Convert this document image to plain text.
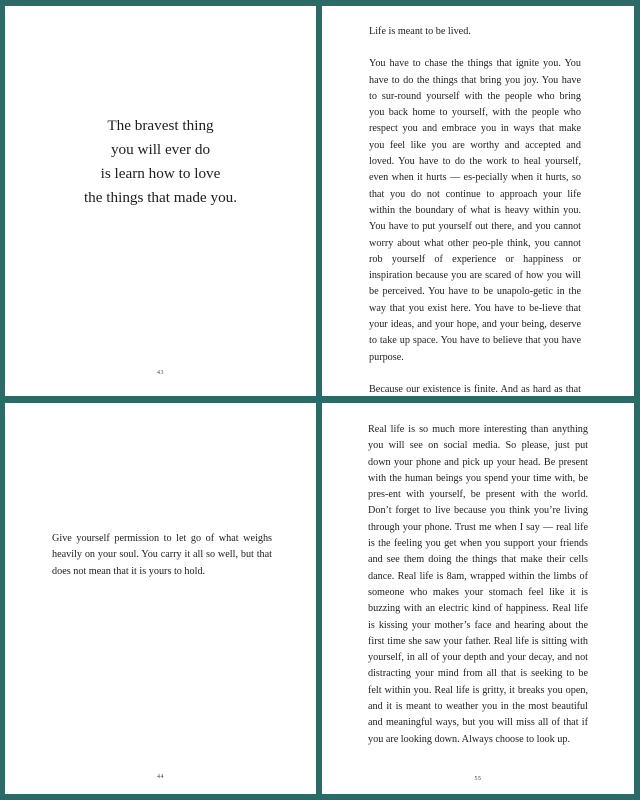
The bravest thing
you will ever do
is learn how to love
the things that made you.
43

Life is meant to be lived.

You have to chase the things that ignite you. You have to do the things that bring you joy. You have to sur-round yourself with the people who bring you back home to yourself, with the people who respect you and embrace you in ways that make you feel like you are worthy and accepted and loved. You have to do the work to heal yourself, even when it hurts — es-pecially when it hurts, so that you do not continue to approach your life within the boundary of what is heavy within you. You have to put yourself out there, and you cannot worry about what other peo-ple think, you cannot rob yourself of experience or happiness or inspiration because you are scared of how you will be perceived. You have to be unapolo-getic in the way that you exist here. You have to be-lieve that your ideas, and your hope, and your being, deserve to take up space. You have to believe that you have purpose.

Because our existence is finite. And as hard as that

Give yourself permission to let go of what weighs heavily on your soul. You carry it all so well, but that does not mean that it is yours to hold.

44

Real life is so much more interesting than anything you will see on social media. So please, just put down your phone and pick up your head. Be present with the human beings you spend your time with, be pres-ent with yourself, be present with the world. Don’t forget to live because you think you’re living through your phone. Trust me when I say — real life is the feeling you get when you support your friends and see them doing the things that make their cells dance. Real life is 8am, wrapped within the limbs of someone who makes your stomach feel like it is buzzing with an electric kind of happiness. Real life is kissing your mother’s face and hearing about the first time she saw your father. Real life is sitting with yourself, in all of your depth and your decay, and not distracting your mind from all that is seeking to be felt within you. Real life is gritty, it breaks you open, and it is meant to weather you in the most beautiful and meaningful ways, but you will miss all of that if you are looking down. Always choose to look up.

55
